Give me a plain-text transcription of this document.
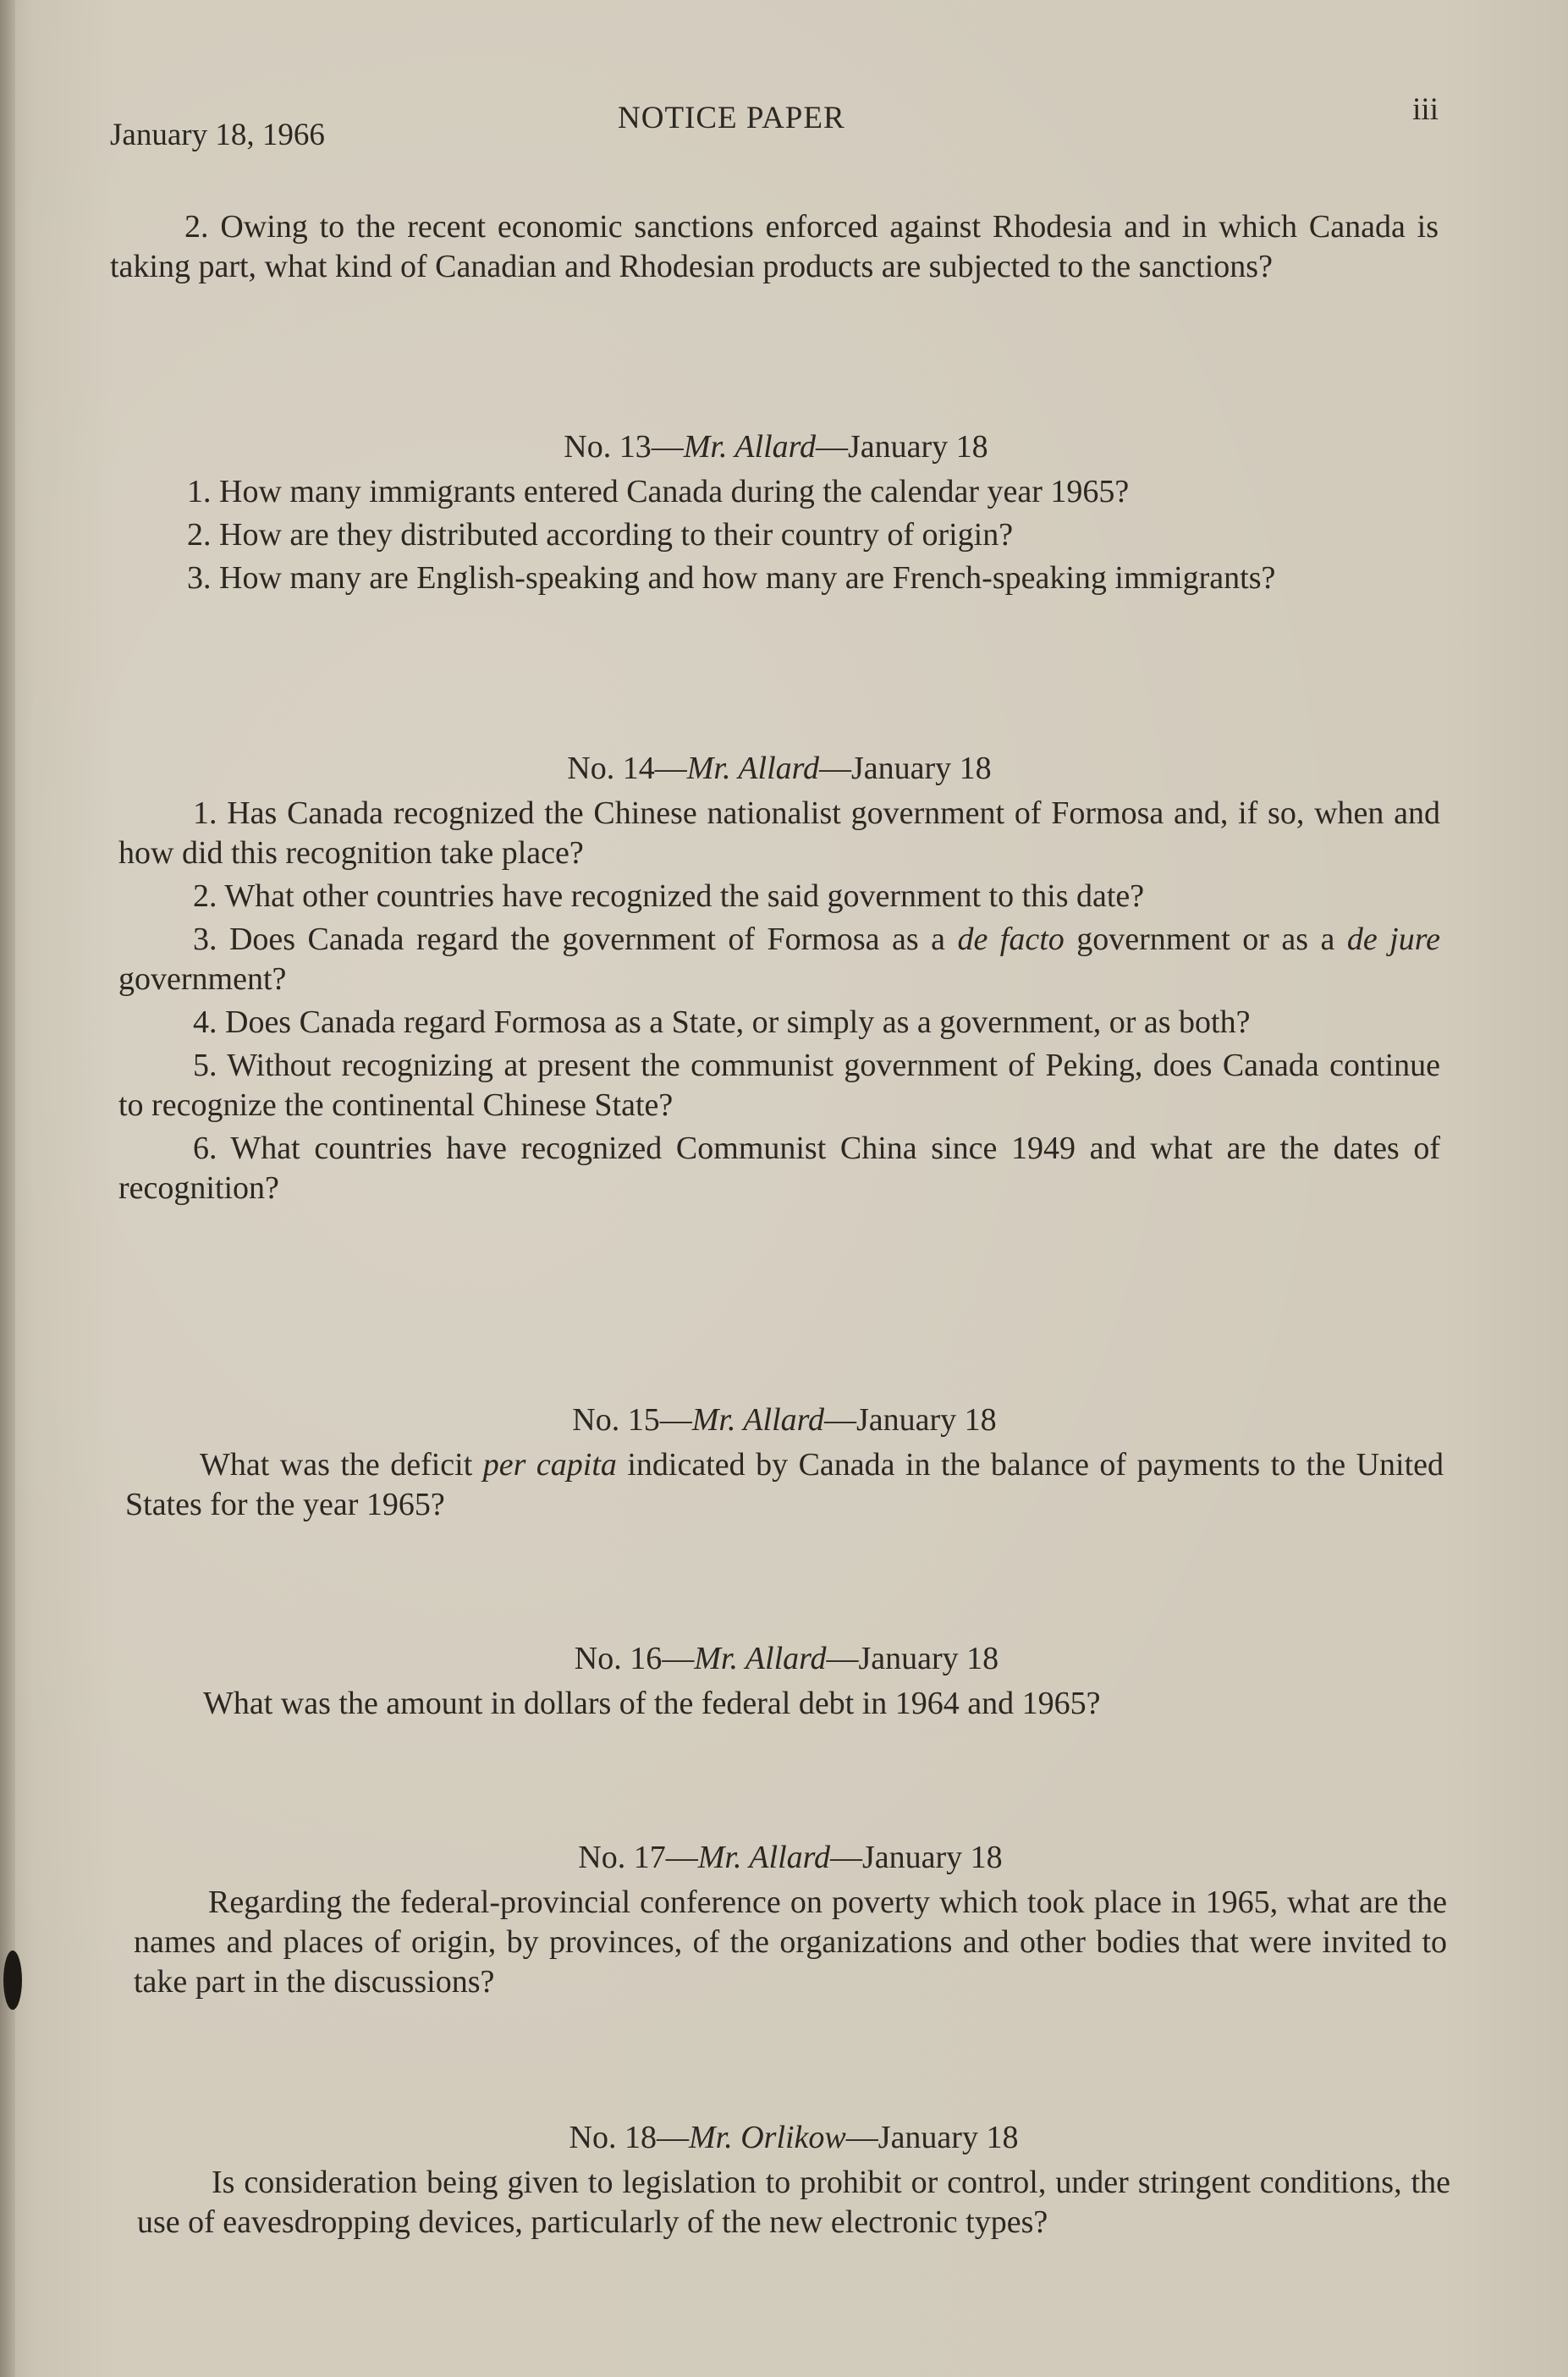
January 18, 1966	NOTICE PAPER	iii

2. Owing to the recent economic sanctions enforced against Rhodesia and in which Canada is taking part, what kind of Canadian and Rhodesian products are subjected to the sanctions?

No. 13—Mr. Allard—January 18

1. How many immigrants entered Canada during the calendar year 1965?

2. How are they distributed according to their country of origin?

3. How many are English-speaking and how many are French-speaking immigrants?

No. 14—Mr. Allard—January 18

1. Has Canada recognized the Chinese nationalist government of Formosa and, if so, when and how did this recognition take place?

2. What other countries have recognized the said government to this date?

3. Does Canada regard the government of Formosa as a de facto government or as a de jure government?

4. Does Canada regard Formosa as a State, or simply as a government, or as both?

5. Without recognizing at present the communist government of Peking, does Canada continue to recognize the continental Chinese State?

6. What countries have recognized Communist China since 1949 and what are the dates of recognition?

No. 15—Mr. Allard—January 18

What was the deficit per capita indicated by Canada in the balance of payments to the United States for the year 1965?

No. 16—Mr. Allard—January 18

What was the amount in dollars of the federal debt in 1964 and 1965?

No. 17—Mr. Allard—January 18

Regarding the federal-provincial conference on poverty which took place in 1965, what are the names and places of origin, by provinces, of the organizations and other bodies that were invited to take part in the discussions?

No. 18—Mr. Orlikow—January 18

Is consideration being given to legislation to prohibit or control, under stringent conditions, the use of eavesdropping devices, particularly of the new electronic types?
